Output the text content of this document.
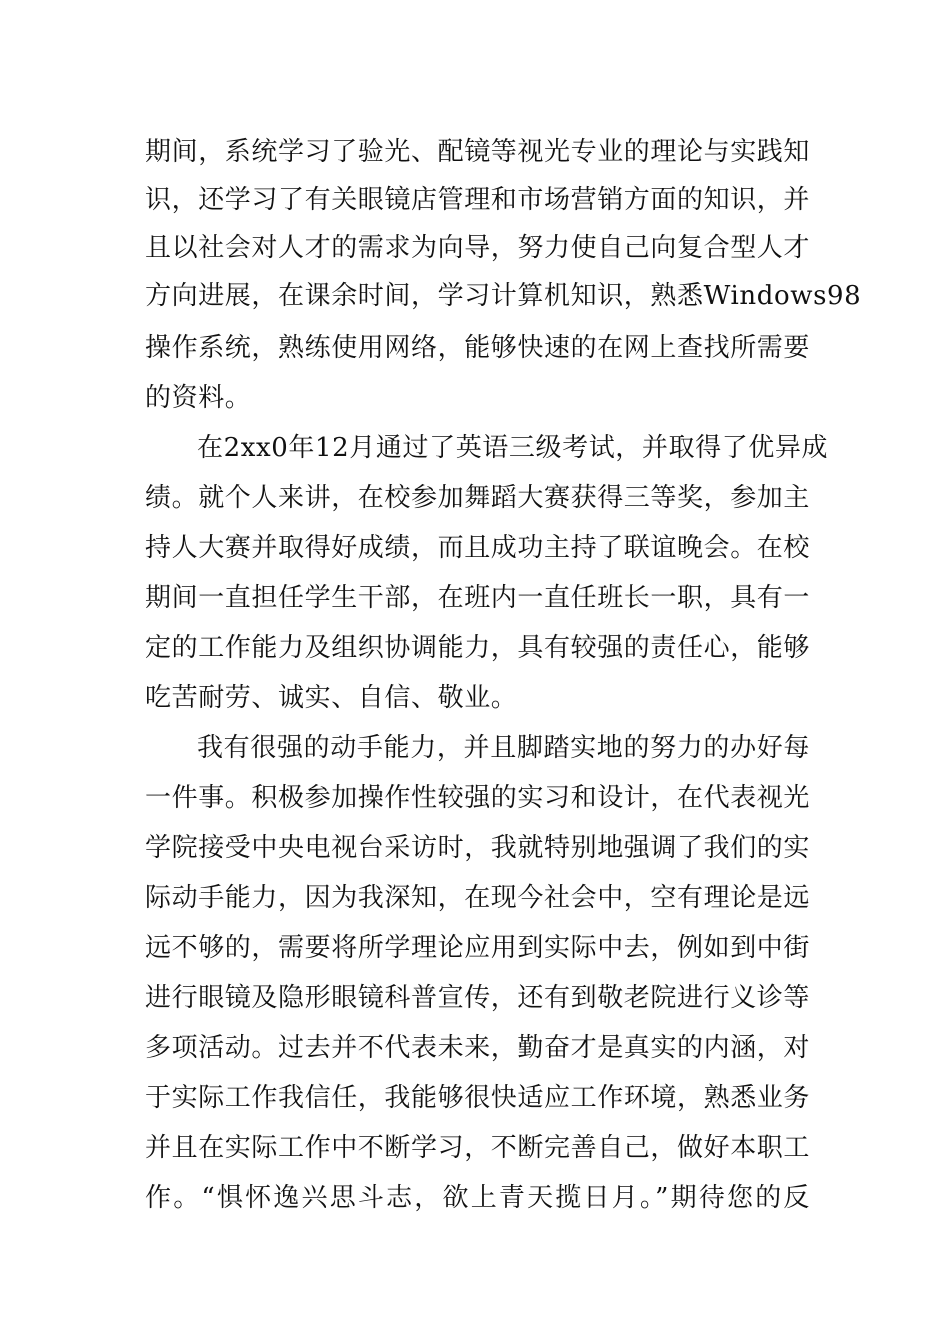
期间，系统学习了验光、配镜等视光专业的理论与实践知
识，还学习了有关眼镜店管理和市场营销方面的知识，并
且以社会对人才的需求为向导，努力使自己向复合型人才
方向进展，在课余时间，学习计算机知识，熟悉Windows98
操作系统，熟练使用网络，能够快速的在网上查找所需要
的资料。
在2xx0年12月通过了英语三级考试，并取得了优异成
绩。就个人来讲，在校参加舞蹈大赛获得三等奖，参加主
持人大赛并取得好成绩，而且成功主持了联谊晚会。在校
期间一直担任学生干部，在班内一直任班长一职，具有一
定的工作能力及组织协调能力，具有较强的责任心，能够
吃苦耐劳、诚实、自信、敬业。
我有很强的动手能力，并且脚踏实地的努力的办好每
一件事。积极参加操作性较强的实习和设计，在代表视光
学院接受中央电视台采访时，我就特别地强调了我们的实
际动手能力，因为我深知，在现今社会中，空有理论是远
远不够的，需要将所学理论应用到实际中去，例如到中街
进行眼镜及隐形眼镜科普宣传，还有到敬老院进行义诊等
多项活动。过去并不代表未来，勤奋才是真实的内涵，对
于实际工作我信任，我能够很快适应工作环境，熟悉业务
并且在实际工作中不断学习，不断完善自己，做好本职工
作。“惧怀逸兴思斗志，欲上青天揽日月。”期待您的反
